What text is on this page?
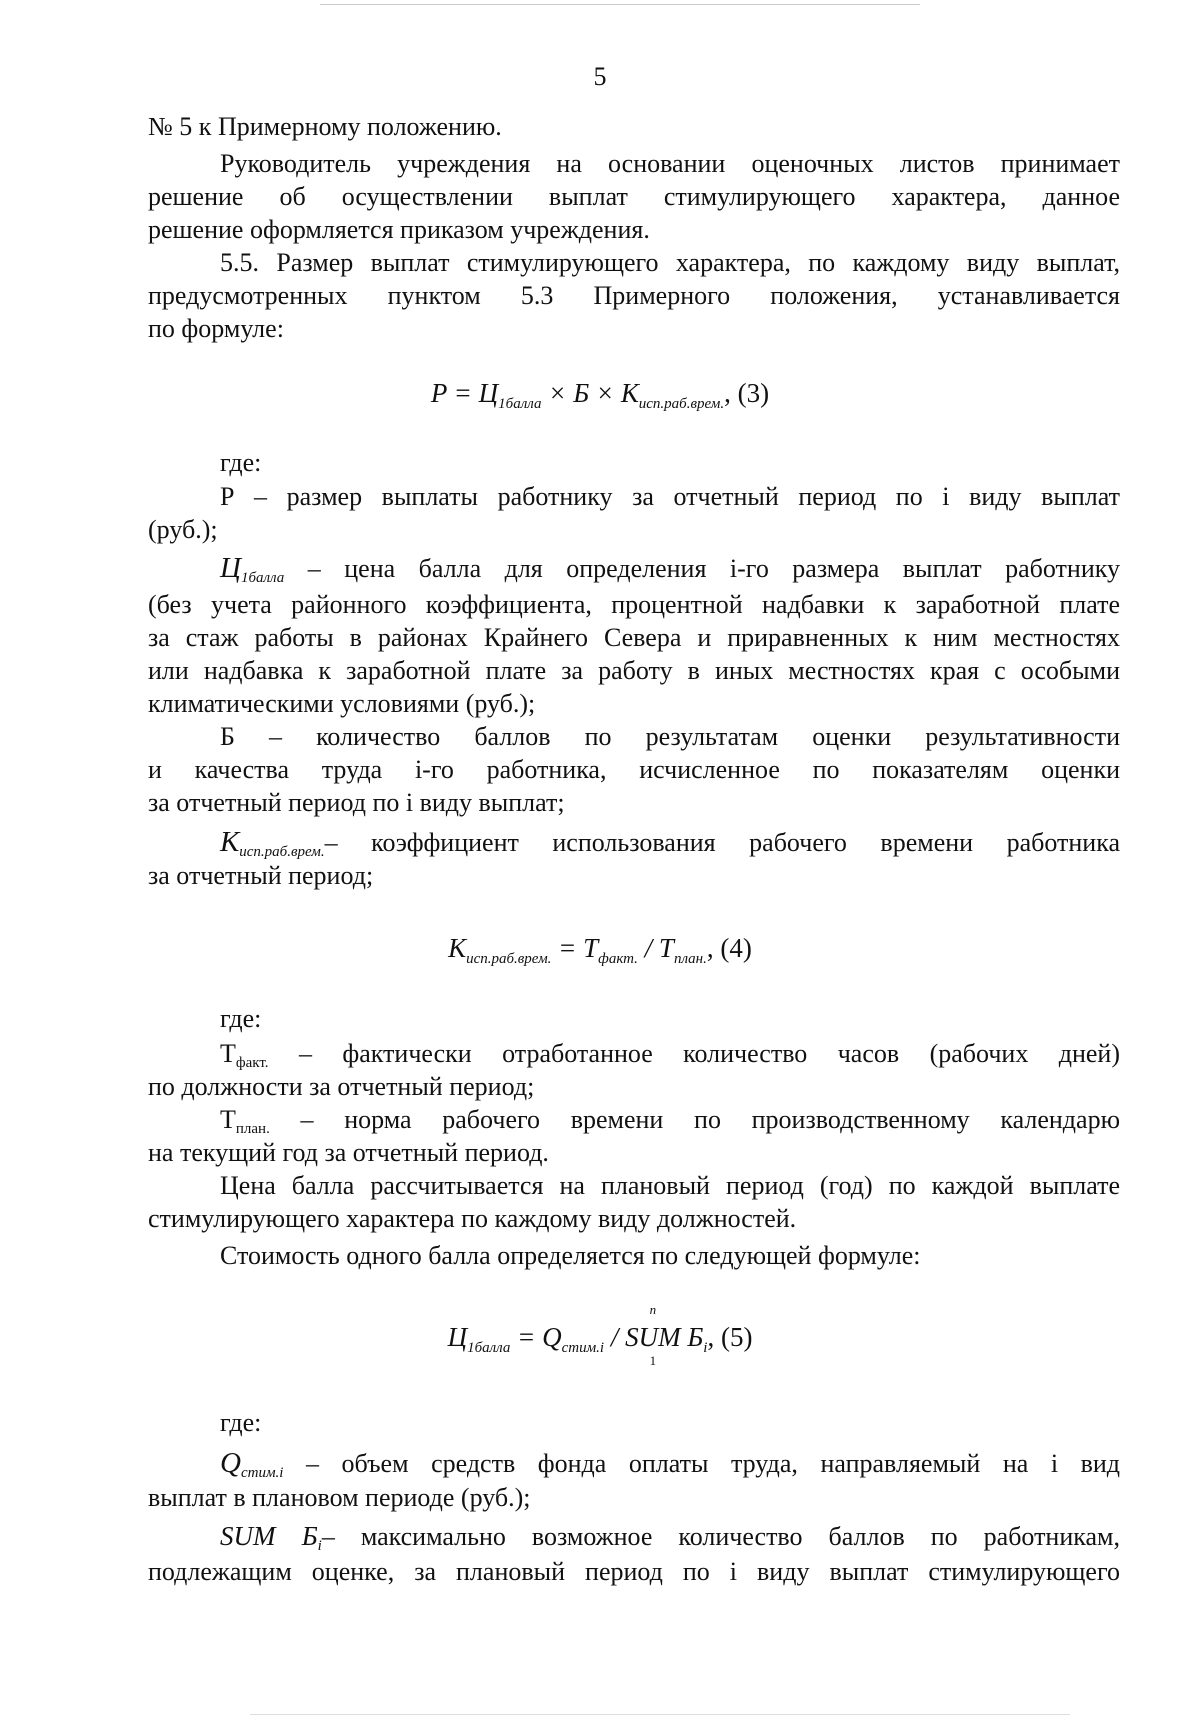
5

№ 5 к Примерному положению.

Руководитель учреждения на основании оценочных листов принимает

решение об осуществлении выплат стимулирующего характера, данное

решение оформляется приказом учреждения.

5.5. Размер выплат стимулирующего характера, по каждому виду выплат,

предусмотренных пунктом 5.3 Примерного положения, устанавливается

по формуле:

$P = Ц_{1балла} \times Б \times К_{исп.раб.врем.}$, (3)

где:

Р – размер выплаты работнику за отчетный период по i виду выплат

(руб.);

Ц1балла – цена балла для определения i-го размера выплат работнику

(без учета районного коэффициента, процентной надбавки к заработной плате

за стаж работы в районах Крайнего Севера и приравненных к ним местностях

или надбавка к заработной плате за работу в иных местностях края с особыми

климатическими условиями (руб.);

Б – количество баллов по результатам оценки результативности

и качества труда i-го работника, исчисленное по показателям оценки

за отчетный период по i виду выплат;

Кисп.раб.врем.– коэффициент использования рабочего времени работника

за отчетный период;

$К_{исп.раб.врем.} = Т_{факт.} / Т_{план.}$, (4)

где:

Тфакт. – фактически отработанное количество часов (рабочих дней)

по должности за отчетный период;

Тплан. – норма рабочего времени по производственному календарю

на текущий год за отчетный период.

Цена балла рассчитывается на плановый период (год) по каждой выплате

стимулирующего характера по каждому виду должностей.

Стоимость одного балла определяется по следующей формуле:

$Ц_{1балла} = Q_{стим.i}$ /
n
SUM
1
$Б_i$, (5)

где:

Qстим.i – объем средств фонда оплаты труда, направляемый на i вид

выплат в плановом периоде (руб.);

SUM Бi– максимально возможное количество баллов по работникам,

подлежащим оценке, за плановый период по i виду выплат стимулирующего
